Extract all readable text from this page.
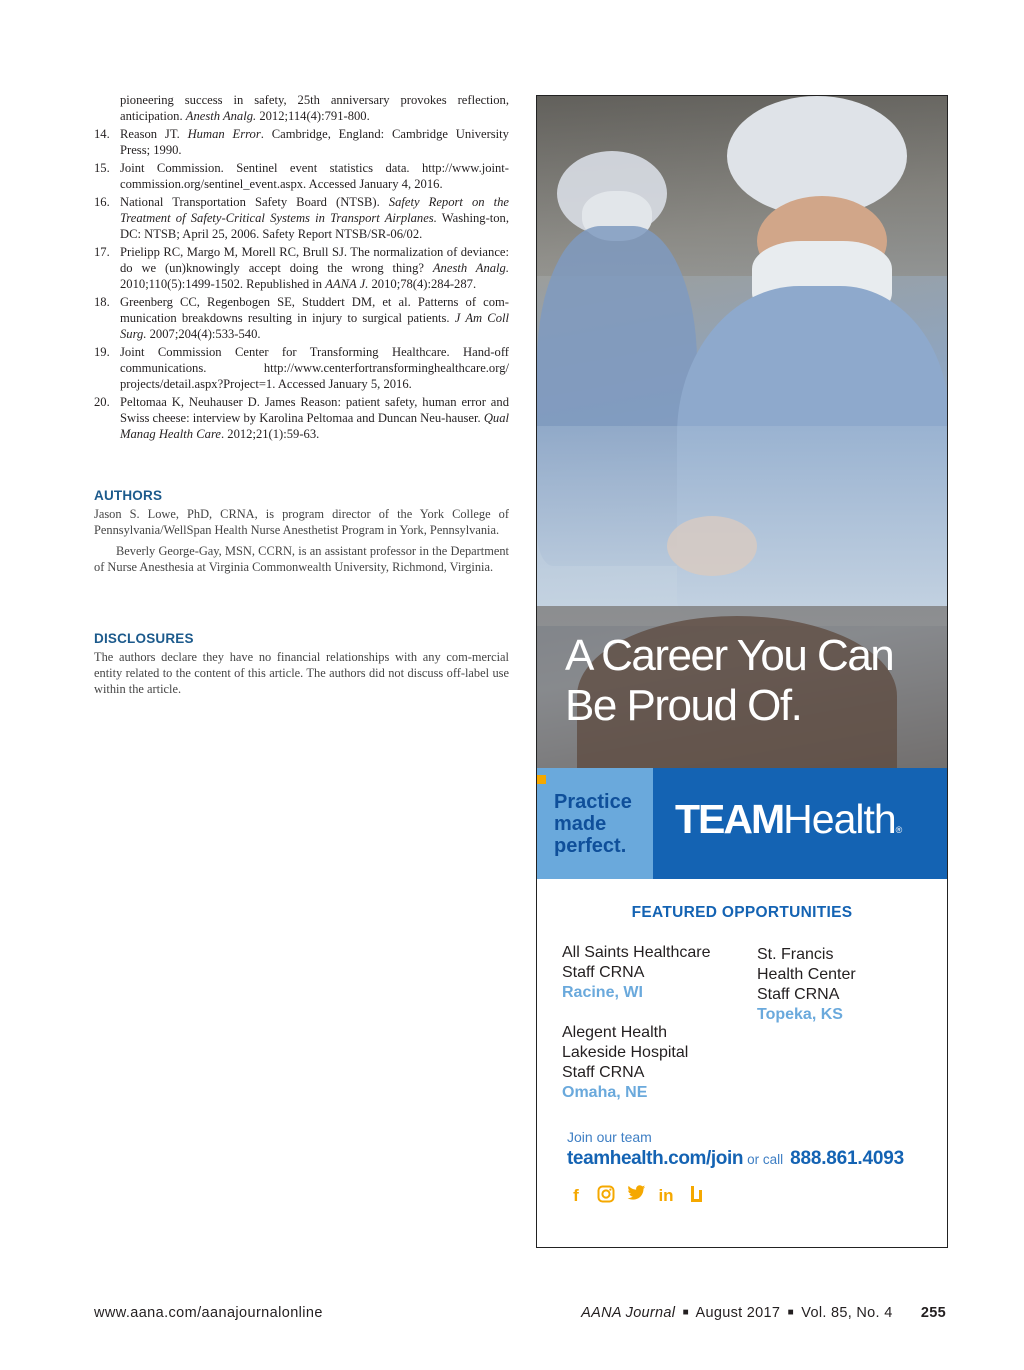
pioneering success in safety, 25th anniversary provokes reflection, anticipation. Anesth Analg. 2012;114(4):791-800.
14. Reason JT. Human Error. Cambridge, England: Cambridge University Press; 1990.
15. Joint Commission. Sentinel event statistics data. http://www.joint-commission.org/sentinel_event.aspx. Accessed January 4, 2016.
16. National Transportation Safety Board (NTSB). Safety Report on the Treatment of Safety-Critical Systems in Transport Airplanes. Washing-ton, DC: NTSB; April 25, 2006. Safety Report NTSB/SR-06/02.
17. Prielipp RC, Margo M, Morell RC, Brull SJ. The normalization of deviance: do we (un)knowingly accept doing the wrong thing? Anesth Analg. 2010;110(5):1499-1502. Republished in AANA J. 2010;78(4):284-287.
18. Greenberg CC, Regenbogen SE, Studdert DM, et al. Patterns of com-munication breakdowns resulting in injury to surgical patients. J Am Coll Surg. 2007;204(4):533-540.
19. Joint Commission Center for Transforming Healthcare. Hand-off communications. http://www.centerfortransforminghealthcare.org/ projects/detail.aspx?Project=1. Accessed January 5, 2016.
20. Peltomaa K, Neuhauser D. James Reason: patient safety, human error and Swiss cheese: interview by Karolina Peltomaa and Duncan Neu-hauser. Qual Manag Health Care. 2012;21(1):59-63.
AUTHORS

Jason S. Lowe, PhD, CRNA, is program director of the York College of Pennsylvania/WellSpan Health Nurse Anesthetist Program in York, Pennsylvania.

Beverly George-Gay, MSN, CCRN, is an assistant professor in the Department of Nurse Anesthesia at Virginia Commonwealth University, Richmond, Virginia.

DISCLOSURES

The authors declare they have no financial relationships with any com-mercial entity related to the content of this article. The authors did not discuss off-label use within the article.

A Career You Can
Be Proud Of.
Practice
made
perfect.
TEAMHealth®
FEATURED OPPORTUNITIES
All Saints Healthcare
Staff CRNA
Racine, WI
St. Francis
Health Center
Staff CRNA
Topeka, KS
Alegent Health
Lakeside Hospital
Staff CRNA
Omaha, NE
Join our team
teamhealth.com/join or call 888.861.4093
f	in
www.aana.com/aanajournalonline	AANA Journal ■ August 2017 ■ Vol. 85, No. 4 255
